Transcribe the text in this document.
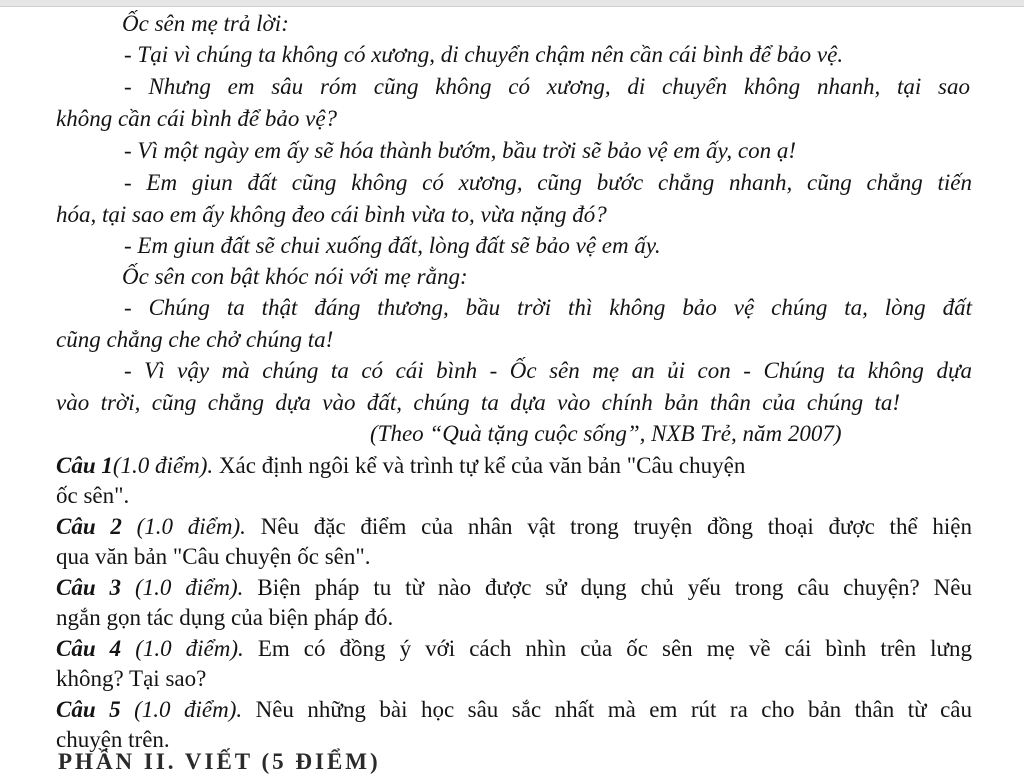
Ốc sên mẹ trả lời:
- Tại vì chúng ta không có xương, di chuyển chậm nên cần cái bình để bảo vệ.
- Nhưng em sâu róm cũng không có xương, di chuyển không nhanh, tại sao
không cần cái bình để bảo vệ?
- Vì một ngày em ấy sẽ hóa thành bướm, bầu trời sẽ bảo vệ em ấy, con ạ!
- Em giun đất cũng không có xương, cũng bước chẳng nhanh, cũng chẳng tiến
hóa, tại sao em ấy không đeo cái bình vừa to, vừa nặng đó?
- Em giun đất sẽ chui xuống đất, lòng đất sẽ bảo vệ em ấy.
Ốc sên con bật khóc nói với mẹ rằng:
- Chúng ta thật đáng thương, bầu trời thì không bảo vệ chúng ta, lòng đất
cũng chẳng che chở chúng ta!
- Vì vậy mà chúng ta có cái bình - Ốc sên mẹ an ủi con - Chúng ta không dựa
vào trời, cũng chẳng dựa vào đất, chúng ta dựa vào chính bản thân của chúng ta!
(Theo “Quà tặng cuộc sống”, NXB Trẻ, năm 2007)
Câu 1(1.0 điểm). Xác định ngôi kể và trình tự kể của văn bản "Câu chuyện
ốc sên".
Câu 2 (1.0 điểm). Nêu đặc điểm của nhân vật trong truyện đồng thoại được thể hiện
qua văn bản "Câu chuyện ốc sên".
Câu 3 (1.0 điểm). Biện pháp tu từ nào được sử dụng chủ yếu trong câu chuyện? Nêu
ngắn gọn tác dụng của biện pháp đó.
Câu 4 (1.0 điểm). Em có đồng ý với cách nhìn của ốc sên mẹ về cái bình trên lưng
không? Tại sao?
Câu 5 (1.0 điểm). Nêu những bài học sâu sắc nhất mà em rút ra cho bản thân từ câu
chuyện trên.
PHẦN II. VIẾT (5 ĐIỂM)
